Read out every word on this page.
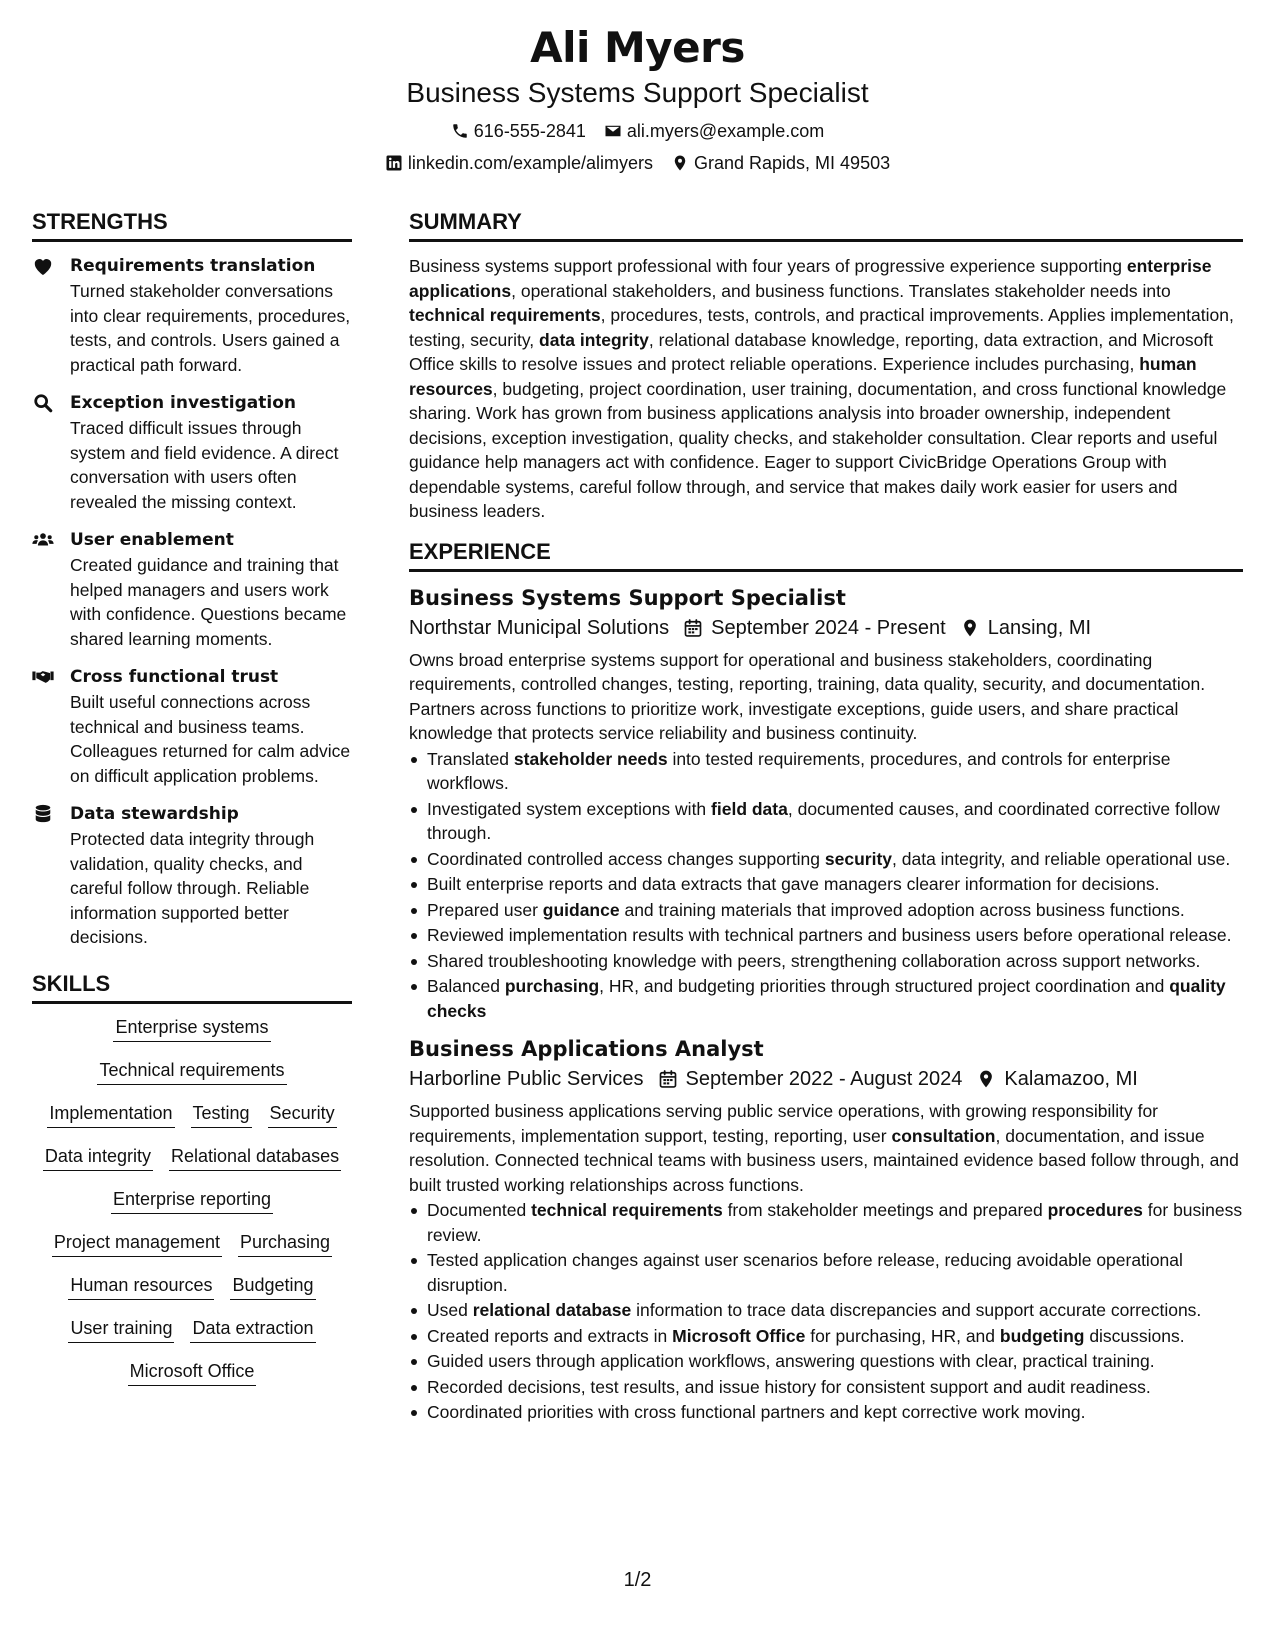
Ali Myers
Business Systems Support Specialist
616-555-2841 ali.myers@example.com
linkedin.com/example/alimyers Grand Rapids, MI 49503
STRENGTHS
Requirements translation
Turned stakeholder conversations into clear requirements, procedures, tests, and controls. Users gained a practical path forward.
Exception investigation
Traced difficult issues through system and field evidence. A direct conversation with users often revealed the missing context.
User enablement
Created guidance and training that helped managers and users work with confidence. Questions became shared learning moments.
Cross functional trust
Built useful connections across technical and business teams. Colleagues returned for calm advice on difficult application problems.
Data stewardship
Protected data integrity through validation, quality checks, and careful follow through. Reliable information supported better decisions.
SKILLS
Enterprise systems
Technical requirements
Implementation Testing Security
Data integrity Relational databases
Enterprise reporting
Project management Purchasing
Human resources Budgeting
User training Data extraction
Microsoft Office
SUMMARY
Business systems support professional with four years of progressive experience supporting enterprise applications, operational stakeholders, and business functions. Translates stakeholder needs into technical requirements, procedures, tests, controls, and practical improvements. Applies implementation, testing, security, data integrity, relational database knowledge, reporting, data extraction, and Microsoft Office skills to resolve issues and protect reliable operations. Experience includes purchasing, human resources, budgeting, project coordination, user training, documentation, and cross functional knowledge sharing. Work has grown from business applications analysis into broader ownership, independent decisions, exception investigation, quality checks, and stakeholder consultation. Clear reports and useful guidance help managers act with confidence. Eager to support CivicBridge Operations Group with dependable systems, careful follow through, and service that makes daily work easier for users and business leaders.
EXPERIENCE
Business Systems Support Specialist
Northstar Municipal Solutions September 2024 - Present Lansing, MI
Owns broad enterprise systems support for operational and business stakeholders, coordinating requirements, controlled changes, testing, reporting, training, data quality, security, and documentation. Partners across functions to prioritize work, investigate exceptions, guide users, and share practical knowledge that protects service reliability and business continuity.
Translated stakeholder needs into tested requirements, procedures, and controls for enterprise workflows.
Investigated system exceptions with field data, documented causes, and coordinated corrective follow through.
Coordinated controlled access changes supporting security, data integrity, and reliable operational use.
Built enterprise reports and data extracts that gave managers clearer information for decisions.
Prepared user guidance and training materials that improved adoption across business functions.
Reviewed implementation results with technical partners and business users before operational release.
Shared troubleshooting knowledge with peers, strengthening collaboration across support networks.
Balanced purchasing, HR, and budgeting priorities through structured project coordination and quality checks
Business Applications Analyst
Harborline Public Services September 2022 - August 2024 Kalamazoo, MI
Supported business applications serving public service operations, with growing responsibility for requirements, implementation support, testing, reporting, user consultation, documentation, and issue resolution. Connected technical teams with business users, maintained evidence based follow through, and built trusted working relationships across functions.
Documented technical requirements from stakeholder meetings and prepared procedures for business review.
Tested application changes against user scenarios before release, reducing avoidable operational disruption.
Used relational database information to trace data discrepancies and support accurate corrections.
Created reports and extracts in Microsoft Office for purchasing, HR, and budgeting discussions.
Guided users through application workflows, answering questions with clear, practical training.
Recorded decisions, test results, and issue history for consistent support and audit readiness.
Coordinated priorities with cross functional partners and kept corrective work moving.
1/2
